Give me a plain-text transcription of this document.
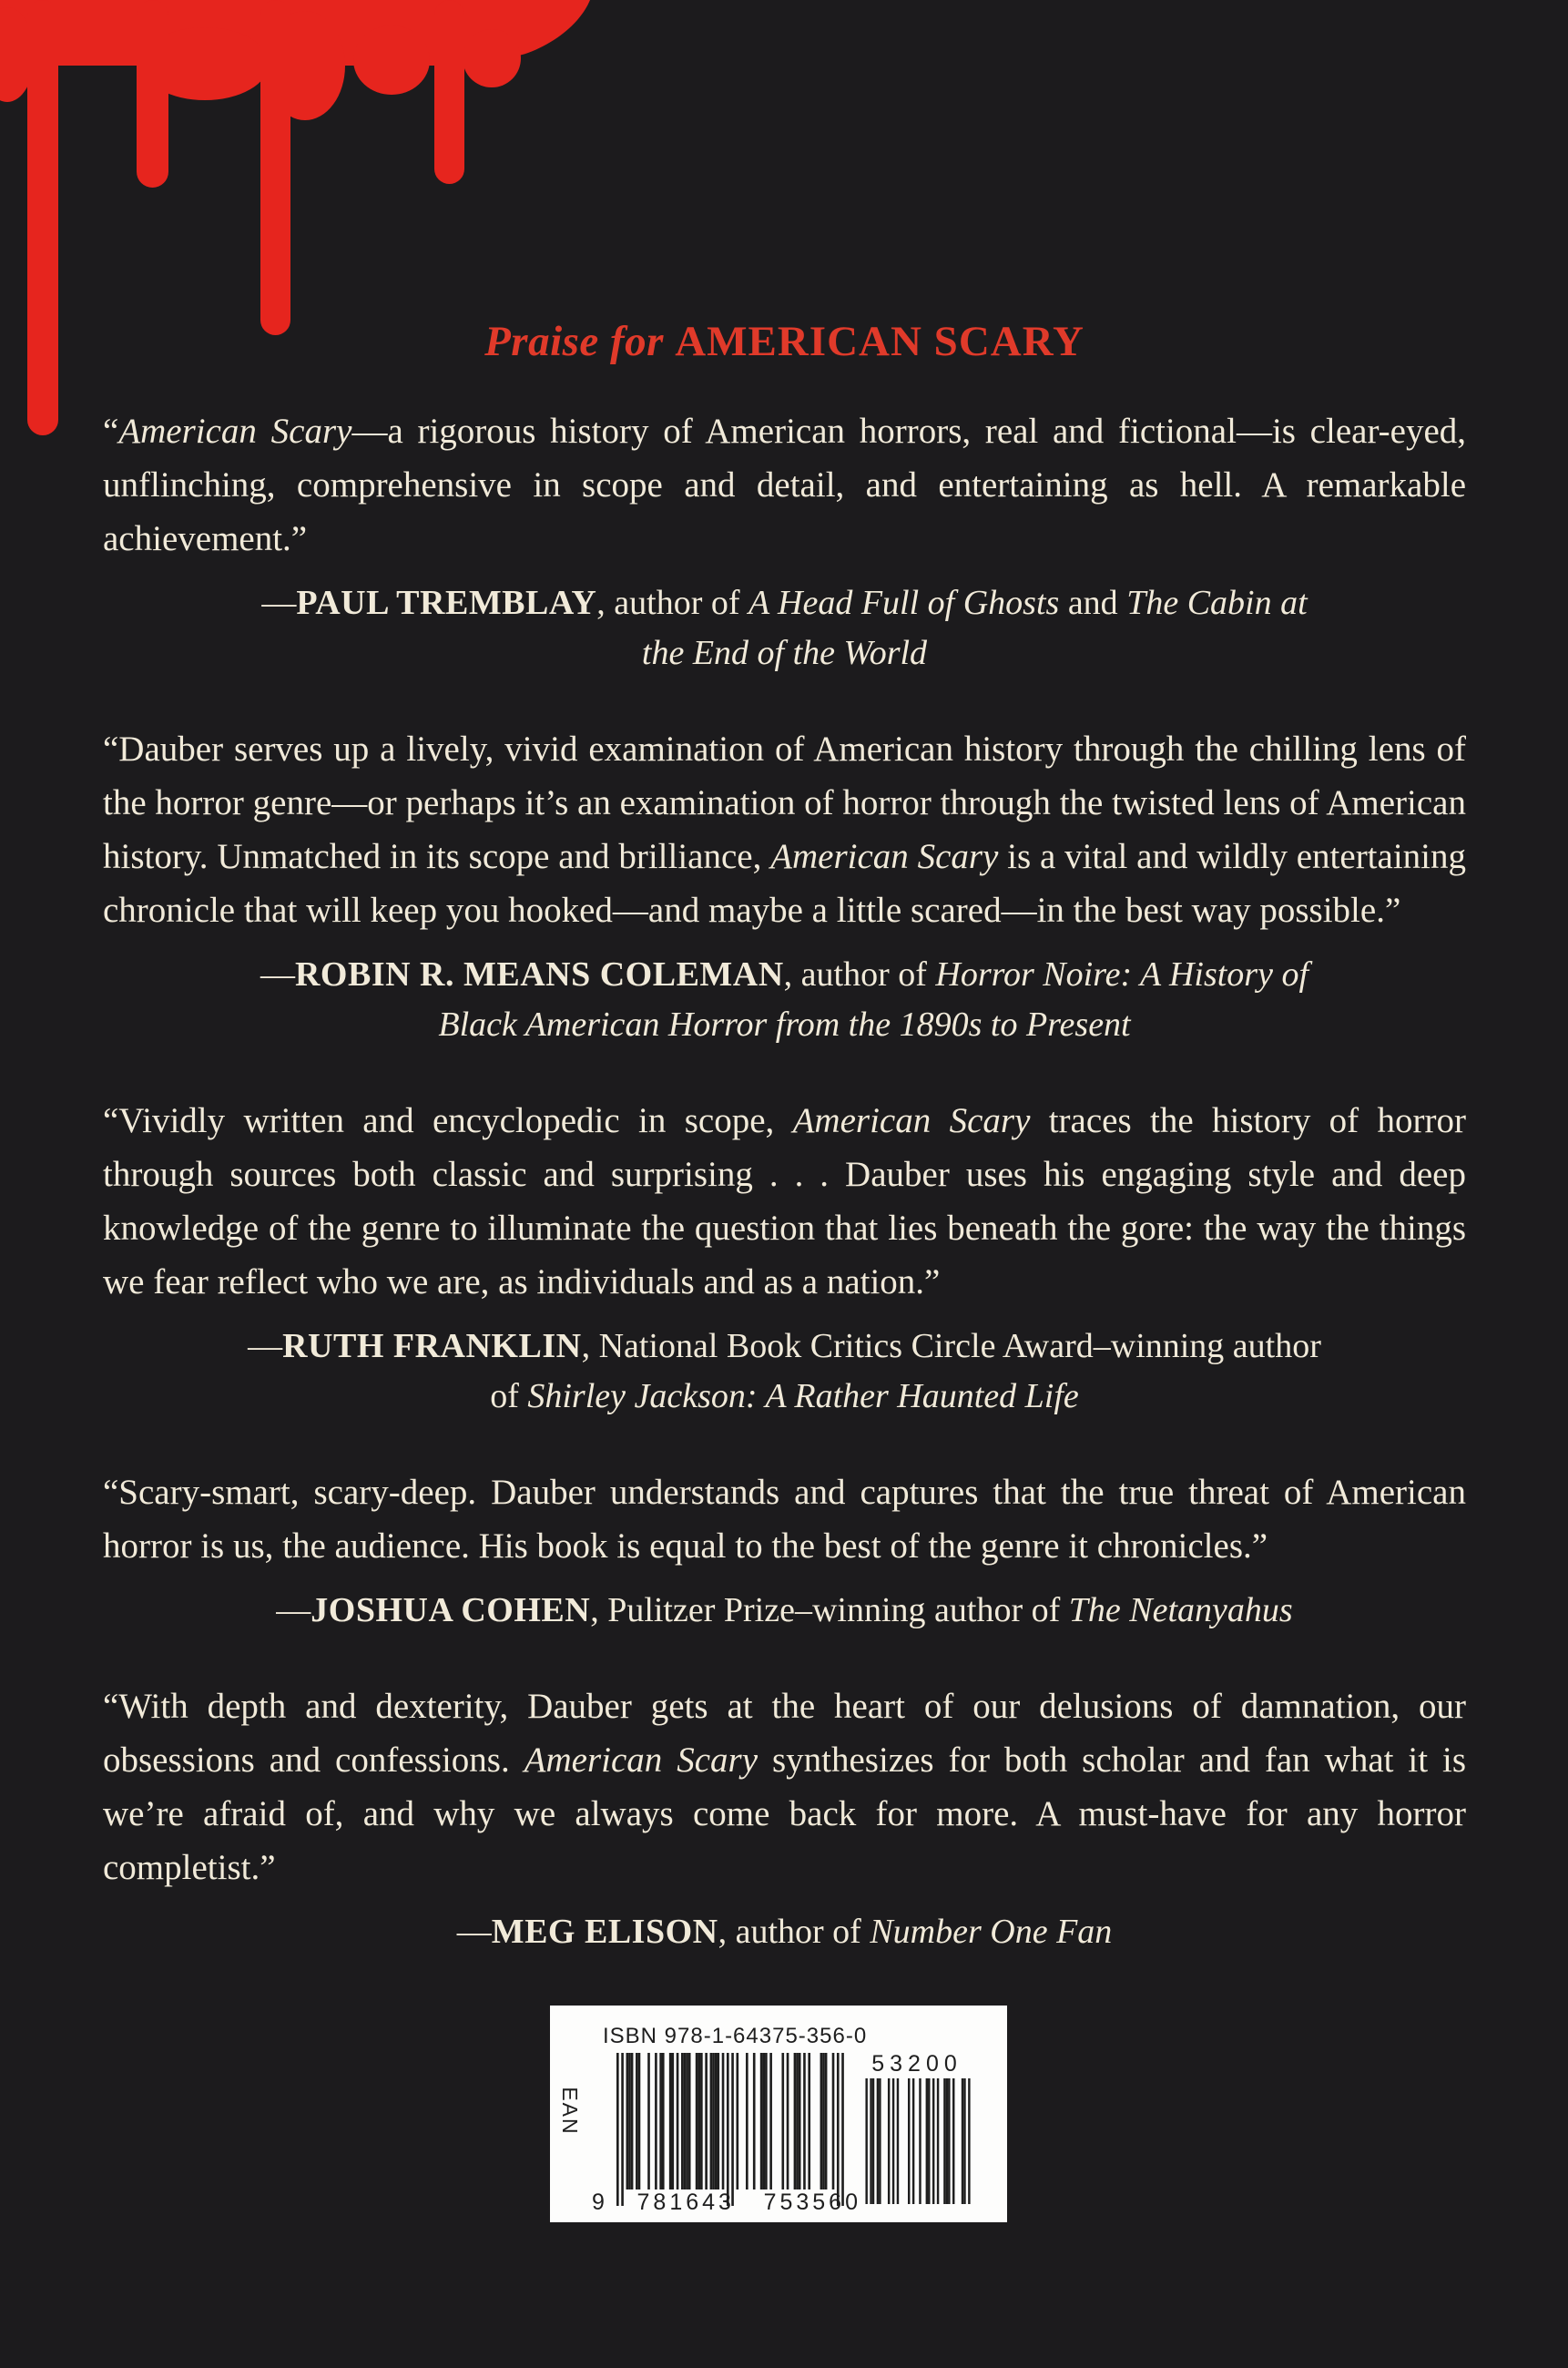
Praise for AMERICAN SCARY

“American Scary—a rigorous history of American horrors, real and fictional—is clear-eyed, unflinching, comprehensive in scope and detail, and entertaining as hell. A remarkable achievement.”

—PAUL TREMBLAY, author of A Head Full of Ghosts and The Cabin at the End of the World

“Dauber serves up a lively, vivid examination of American history through the chilling lens of the horror genre—or perhaps it’s an examination of horror through the twisted lens of American history. Unmatched in its scope and brilliance, American Scary is a vital and wildly entertaining chronicle that will keep you hooked—and maybe a little scared—in the best way possible.”

—ROBIN R. MEANS COLEMAN, author of Horror Noire: A History of Black American Horror from the 1890s to Present

“Vividly written and encyclopedic in scope, American Scary traces the history of horror through sources both classic and surprising . . . Dauber uses his engaging style and deep knowledge of the genre to illuminate the question that lies beneath the gore: the way the things we fear reflect who we are, as individuals and as a nation.”

—RUTH FRANKLIN, National Book Critics Circle Award–winning author of Shirley Jackson: A Rather Haunted Life

“Scary-smart, scary-deep. Dauber understands and captures that the true threat of American horror is us, the audience. His book is equal to the best of the genre it chronicles.”

—JOSHUA COHEN, Pulitzer Prize–winning author of The Netanyahus

“With depth and dexterity, Dauber gets at the heart of our delusions of damnation, our obsessions and confessions. American Scary synthesizes for both scholar and fan what it is we’re afraid of, and why we always come back for more. A must-have for any horror completist.”

—MEG ELISON, author of Number One Fan

ISBN 978-1-64375-356-0
EAN
9 781643 753560
53200
